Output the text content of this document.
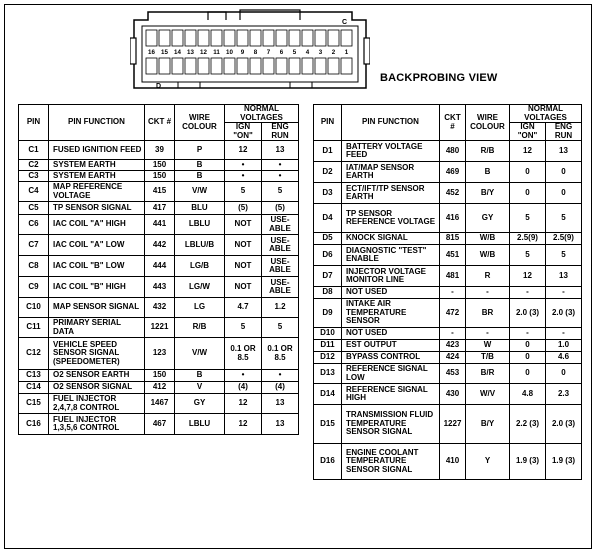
C
D
16 15 14 13 12 11 10 9 8 7 6 5 4 3 2 1
BACKPROBING VIEW
PIN	PIN FUNCTION	CKT #	WIRE COLOUR	NORMAL VOLTAGES	
				IGN "ON"	ENG RUN
C1	FUSED IGNITION FEED	39	P	12	13
C2	SYSTEM EARTH	150	B	•	•
C3	SYSTEM EARTH	150	B	•	•
C4	MAP REFERENCE VOLTAGE	415	V/W	5	5
C5	TP SENSOR SIGNAL	417	BLU	(5)	(5)
C6	IAC COIL "A" HIGH	441	LBLU	NOT	USE- ABLE
C7	IAC COIL "A" LOW	442	LBLU/B	NOT	USE- ABLE
C8	IAC COIL "B" LOW	444	LG/B	NOT	USE- ABLE
C9	IAC COIL "B" HIGH	443	LG/W	NOT	USE- ABLE
C10	MAP SENSOR SIGNAL	432	LG	4.7	1.2
C11	PRIMARY SERIAL DATA	1221	R/B	5	5
C12	VEHICLE SPEED SENSOR SIGNAL (SPEEDOMETER)	123	V/W	0.1 OR 8.5	0.1 OR 8.5
C13	O2 SENSOR EARTH	150	B	•	•
C14	O2 SENSOR SIGNAL	412	V	(4)	(4)
C15	FUEL INJECTOR 2,4,7,8 CONTROL	1467	GY	12	13
C16	FUEL INJECTOR 1,3,5,6 CONTROL	467	LBLU	12	13
PIN	PIN FUNCTION	CKT #	WIRE COLOUR	NORMAL VOLTAGES	
				IGN "ON"	ENG RUN
D1	BATTERY VOLTAGE FEED	480	R/B	12	13
D2	IAT/MAP SENSOR EARTH	469	B	0	0
D3	ECT/IFT/TP SENSOR EARTH	452	B/Y	0	0
D4	TP SENSOR REFERENCE VOLTAGE	416	GY	5	5
D5	KNOCK SIGNAL	815	W/B	2.5(9)	2.5(9)
D6	DIAGNOSTIC "TEST" ENABLE	451	W/B	5	5
D7	INJECTOR VOLTAGE MONITOR LINE	481	R	12	13
D8	NOT USED	-	-	-	-
D9	INTAKE AIR TEMPERATURE SENSOR	472	BR	2.0 (3)	2.0 (3)
D10	NOT USED	-	-	-	-
D11	EST OUTPUT	423	W	0	1.0
D12	BYPASS CONTROL	424	T/B	0	4.6
D13	REFERENCE SIGNAL LOW	453	B/R	0	0
D14	REFERENCE SIGNAL HIGH	430	W/V	4.8	2.3
D15	TRANSMISSION FLUID TEMPERATURE SENSOR SIGNAL	1227	B/Y	2.2 (3)	2.0 (3)
D16	ENGINE COOLANT TEMPERATURE SENSOR SIGNAL	410	Y	1.9 (3)	1.9 (3)
